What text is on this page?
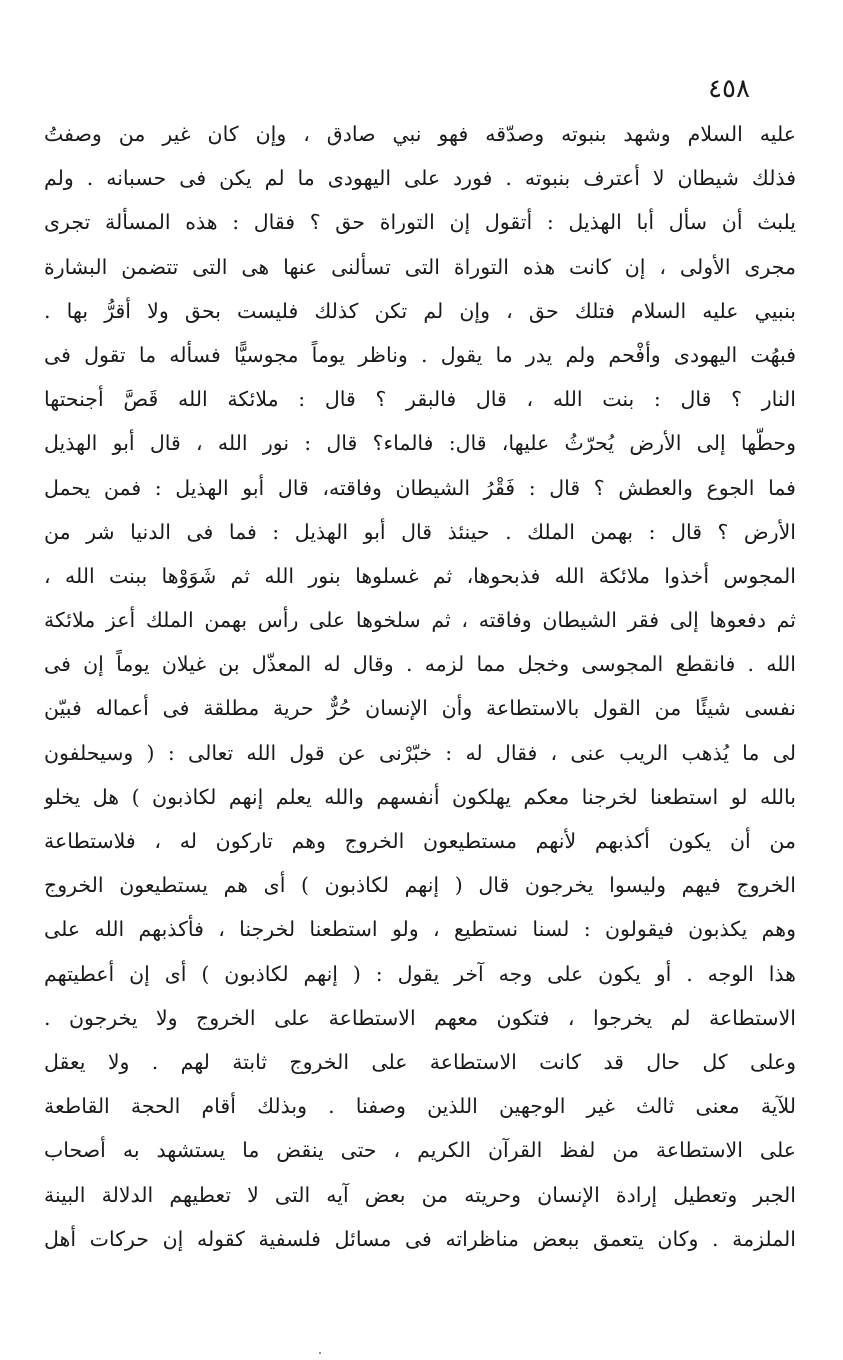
٤٥٨
عليه السلام وشهد بنبوته وصدّقه فهو نبي صادق ، وإن كان غير من وصفتُ
فذلك شيطان لا أعترف بنبوته . فورد على اليهودى ما لم يكن فى حسبانه . ولم
يلبث أن سأل أبا الهذيل : أتقول إن التوراة حق ؟ فقال : هذه المسألة تجرى
مجرى الأولى ، إن كانت هذه التوراة التى تسألنى عنها هى التى تتضمن البشارة
بنبيي عليه السلام فتلك حق ، وإن لم تكن كذلك فليست بحق ولا أقرُّ بها .
فبهُت اليهودى وأفْحم ولم يدر ما يقول . وناظر يوماً مجوسيًّا فسأله ما تقول فى
النار ؟ قال : بنت الله ، قال فالبقر ؟ قال : ملائكة الله قَصَّ أجنحتها
وحطّها إلى الأرض يُحرّثُ عليها، قال: فالماء؟ قال : نور الله ، قال أبو الهذيل
فما الجوع والعطش ؟ قال : فَقْرُ الشيطان وفاقته، قال أبو الهذيل : فمن يحمل
الأرض ؟ قال : بهمن الملك . حينئذ قال أبو الهذيل : فما فى الدنيا شر من
المجوس أخذوا ملائكة الله فذبحوها، ثم غسلوها بنور الله ثم شَوَوْها ببنت الله ،
ثم دفعوها إلى فقر الشيطان وفاقته ، ثم سلخوها على رأس بهمن الملك أعز ملائكة
الله . فانقطع المجوسى وخجل مما لزمه . وقال له المعذّل بن غيلان يوماً إن فى
نفسى شيئًا من القول بالاستطاعة وأن الإنسان حُرٌّ حرية مطلقة فى أعماله فبيّن
لى ما يُذهب الريب عنى ، فقال له : خبّرْنى عن قول الله تعالى : ( وسيحلفون
بالله لو استطعنا لخرجنا معكم يهلكون أنفسهم والله يعلم إنهم لكاذبون ) هل يخلو
من أن يكون أكذبهم لأنهم مستطيعون الخروج وهم تاركون له ، فلاستطاعة
الخروج فيهم وليسوا يخرجون قال ( إنهم لكاذبون ) أى هم يستطيعون الخروج
وهم يكذبون فيقولون : لسنا نستطيع ، ولو استطعنا لخرجنا ، فأكذبهم الله على
هذا الوجه . أو يكون على وجه آخر يقول : ( إنهم لكاذبون ) أى إن أعطيتهم
الاستطاعة لم يخرجوا ، فتكون معهم الاستطاعة على الخروج ولا يخرجون .
وعلى كل حال قد كانت الاستطاعة على الخروج ثابتة لهم . ولا يعقل
للآية معنى ثالث غير الوجهين اللذين وصفنا . وبذلك أقام الحجة القاطعة
على الاستطاعة من لفظ القرآن الكريم ، حتى ينقض ما يستشهد به أصحاب
الجبر وتعطيل إرادة الإنسان وحريته من بعض آيه التى لا تعطيهم الدلالة البينة
الملزمة . وكان يتعمق ببعض مناظراته فى مسائل فلسفية كقوله إن حركات أهل
